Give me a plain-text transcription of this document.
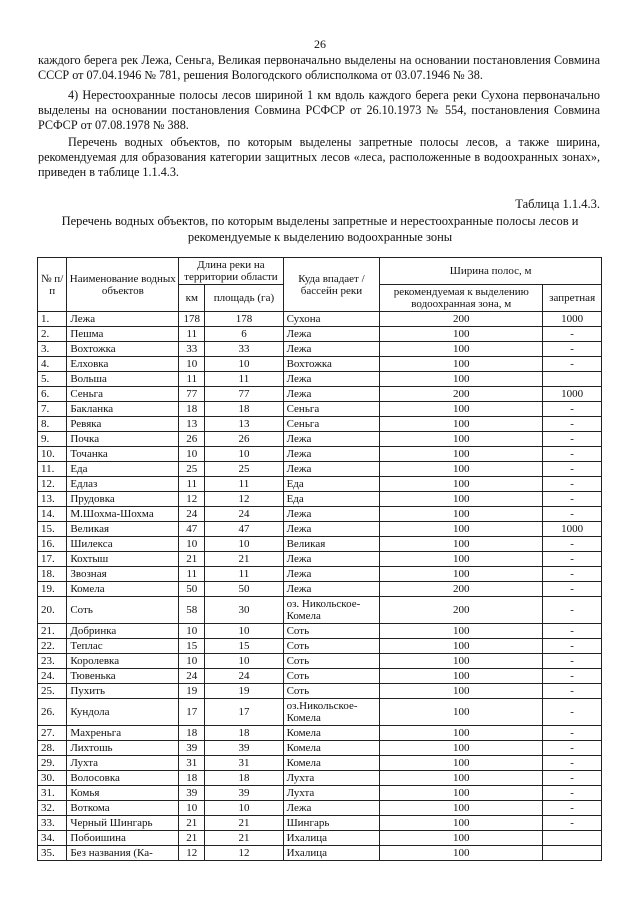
26

каждого берега рек Лежа, Сеньга, Великая первоначально выделены на основании постановления Совмина СССР от 07.04.1946 № 781, решения Вологодского облисполкома от 03.07.1946 № 38.

4) Нерестоохранные полосы лесов шириной 1 км вдоль каждого берега реки Сухона первоначально выделены на основании постановления Совмина РСФСР от 26.10.1973 № 554, постановления Совмина РСФСР от 07.08.1978 № 388.

Перечень водных объектов, по которым выделены запретные полосы лесов, а также ширина, рекомендуемая для образования категории защитных лесов «леса, расположенные в водоохранных зонах», приведен в таблице 1.1.4.3.

Таблица 1.1.4.3.

Перечень водных объектов, по которым выделены запретные и нерестоохранные полосы лесов и рекомендуемые к выделению водоохранные зоны

№ п/п	Наименование водных объектов	Длина реки на территории области		Куда впадает / бассейн реки	Ширина полос, м	
		км	площадь (га)		рекомендуемая к выделению водоохранная зона, м	запретная
1.	Лежа	178	178	Сухона	200	1000
2.	Пешма	11	6	Лежа	100	-
3.	Вохтожка	33	33	Лежа	100	-
4.	Елховка	10	10	Вохтожка	100	-
5.	Вольша	11	11	Лежа	100	
6.	Сеньга	77	77	Лежа	200	1000
7.	Бакланка	18	18	Сеньга	100	-
8.	Ревяка	13	13	Сеньга	100	-
9.	Почка	26	26	Лежа	100	-
10.	Точанка	10	10	Лежа	100	-
11.	Еда	25	25	Лежа	100	-
12.	Едлаз	11	11	Еда	100	-
13.	Прудовка	12	12	Еда	100	-
14.	М.Шохма-Шохма	24	24	Лежа	100	-
15.	Великая	47	47	Лежа	100	1000
16.	Шилекса	10	10	Великая	100	-
17.	Кохтыш	21	21	Лежа	100	-
18.	Звозная	11	11	Лежа	100	-
19.	Комела	50	50	Лежа	200	-
20.	Соть	58	30	оз. Никольское-Комела	200	-
21.	Добринка	10	10	Соть	100	-
22.	Теплас	15	15	Соть	100	-
23.	Королевка	10	10	Соть	100	-
24.	Тювенька	24	24	Соть	100	-
25.	Пухить	19	19	Соть	100	-
26.	Кундола	17	17	оз.Никольское-Комела	100	-
27.	Махреньга	18	18	Комела	100	-
28.	Лихтошь	39	39	Комела	100	-
29.	Лухта	31	31	Комела	100	-
30.	Волосовка	18	18	Лухта	100	-
31.	Комья	39	39	Лухта	100	-
32.	Воткома	10	10	Лежа	100	-
33.	Черный Шингарь	21	21	Шингарь	100	-
34.	Побоишина	21	21	Ихалица	100	
35.	Без названия (Ка-	12	12	Ихалица	100	
